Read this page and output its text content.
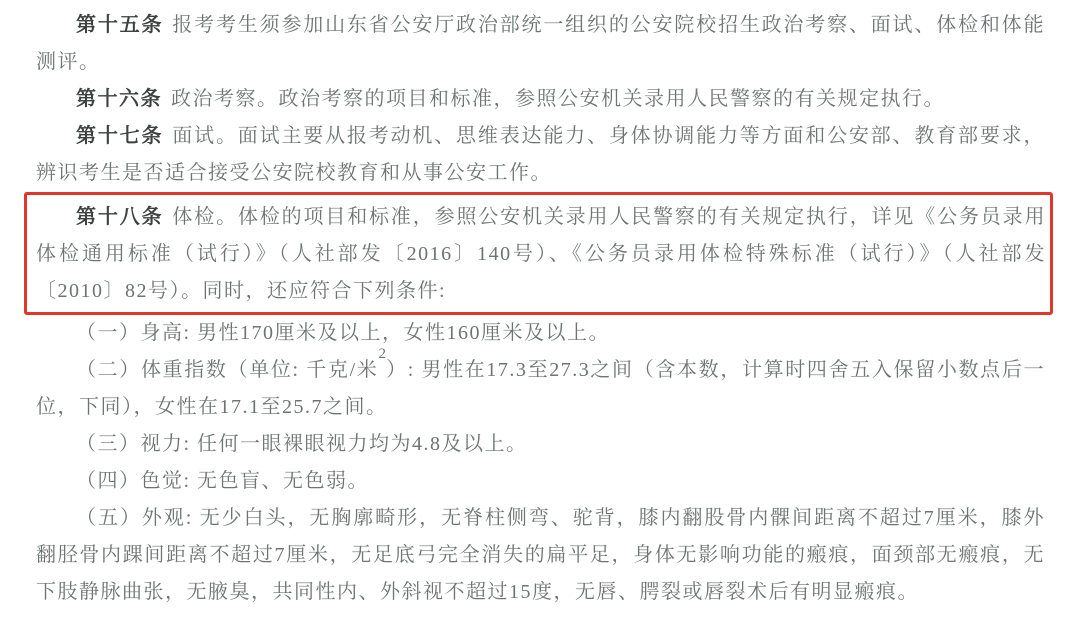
第十五条 报考考生须参加山东省公安厅政治部统一组织的公安院校招生政治考察、面试、体检和体能测评。

第十六条 政治考察。政治考察的项目和标准，参照公安机关录用人民警察的有关规定执行。

第十七条 面试。面试主要从报考动机、思维表达能力、身体协调能力等方面和公安部、教育部要求，辨识考生是否适合接受公安院校教育和从事公安工作。

第十八条 体检。体检的项目和标准，参照公安机关录用人民警察的有关规定执行，详见《公务员录用体检通用标准（试行）》（人社部发〔2016〕140号）、《公务员录用体检特殊标准（试行）》（人社部发〔2010〕82号）。同时，还应符合下列条件:

（一）身高: 男性170厘米及以上，女性160厘米及以上。

（二）体重指数（单位: 千克/米$^2$）: 男性在17.3至27.3之间（含本数，计算时四舍五入保留小数点后一位，下同），女性在17.1至25.7之间。

（三）视力: 任何一眼裸眼视力均为4.8及以上。

（四）色觉: 无色盲、无色弱。

（五）外观: 无少白头，无胸廓畸形，无脊柱侧弯、驼背，膝内翻股骨内髁间距离不超过7厘米，膝外翻胫骨内踝间距离不超过7厘米，无足底弓完全消失的扁平足，身体无影响功能的瘢痕，面颈部无瘢痕，无下肢静脉曲张，无腋臭，共同性内、外斜视不超过15度，无唇、腭裂或唇裂术后有明显瘢痕。
